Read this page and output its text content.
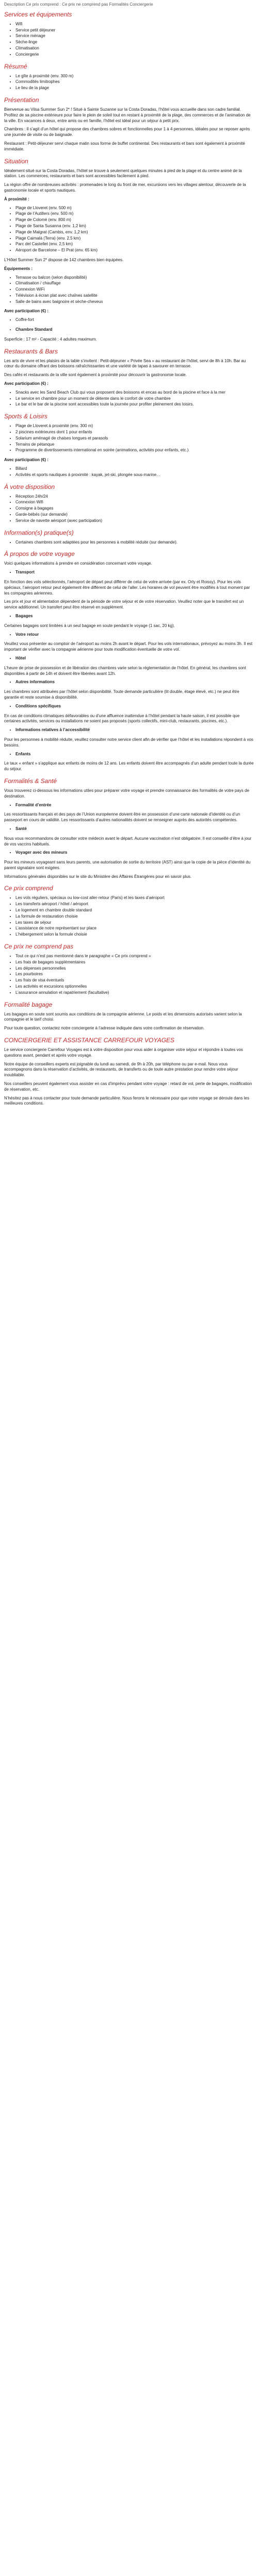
Description Ce prix comprend : Ce prix ne comprend pas Formalités Conciergerie

Services et équipements
• Wifi
• Service petit déjeuner
• Service ménage
• Sèche-linge
• Climatisation
• Conciergerie
Résumé
• Le gîte à proximité (env. 300 m)
• Commodités limitrophes
• Le lieu de la plage
Présentation

Bienvenue au Vilsa Summer Sun 2* ! Situé à Sainte Suzanne sur la Costa Doradas, l’hôtel vous accueille dans son cadre familial. Profitez de sa piscine extérieure pour faire le plein de soleil tout en restant à proximité de la plage, des commerces et de l’animation de la ville. En vacances à deux, entre amis ou en famille, l’hôtel est idéal pour un séjour à petit prix.

Chambres : Il s’agit d’un hôtel qui propose des chambres sobres et fonctionnelles pour 1 à 4 personnes, idéales pour se reposer après une journée de visite ou de baignade.

Restaurant : Petit-déjeuner servi chaque matin sous forme de buffet continental. Des restaurants et bars sont également à proximité immédiate.

Situation

Idéalement situé sur la Costa Doradas, l’hôtel se trouve à seulement quelques minutes à pied de la plage et du centre animé de la station. Les commerces, restaurants et bars sont accessibles facilement à pied.

La région offre de nombreuses activités : promenades le long du front de mer, excursions vers les villages alentour, découverte de la gastronomie locale et sports nautiques.

À proximité :

• Plage de Lloveret (env. 500 m)
• Plage de l’Autillers (env. 500 m)
• Plage de Colomè (env. 800 m)
• Plage de Santa Susanna (env. 1,2 km)
• Plage de Malgrat (Cambis, env. 1,2 km)
• Plage Caimalà (Terra) (env. 2,5 km)
• Parc del Castellet (env. 2,5 km)
• Aéroport de Barcelone – El Prat (env. 65 km)

L’Hôtel Summer Sun 2* dispose de 142 chambres bien équipées.

Équipements :

• Terrasse ou balcon (selon disponibilité)
• Climatisation / chauffage
• Connexion WiFi
• Télévision à écran plat avec chaînes satellite
• Salle de bains avec baignoire et sèche-cheveux

Avec participation (€) :

• Coffre-fort
• Chambre Standard

Superficie : 17 m² - Capacité : 4 adultes maximum.

Restaurants & Bars

Les arts de vivre et les plaisirs de la table s’invitent : Petit-déjeuner « Privée Sea » au restaurant de l’hôtel, servi de 8h à 10h. Bar au cœur du domaine offrant des boissons rafraîchissantes et une variété de tapas à savourer en terrasse.

Des cafés et restaurants de la ville sont également à proximité pour découvrir la gastronomie locale.

Avec participation (€) :

• Snacks avec les Sand Beach Club qui vous proposent des boissons et encas au bord de la piscine et face à la mer
• Le service en chambre pour un moment de détente dans le confort de votre chambre
• Le bar et le bar de la piscine sont accessibles toute la journée pour profiter pleinement des loisirs.
Sports & Loisirs
• Plage de Lloveret à proximité (env. 300 m)
• 2 piscines extérieures dont 1 pour enfants
• Solarium aménagé de chaises longues et parasols
• Terrains de pétanque
• Programme de divertissements international en soirée (animations, activités pour enfants, etc.)

Avec participation (€) :

• Billard
• Activités et sports nautiques à proximité : kayak, jet-ski, plongée sous-marine…
À votre disposition
• Réception 24h/24
• Connexion Wifi
• Consigne à bagages
• Garde-bébés (sur demande)
• Service de navette aéroport (avec participation)
Information(s) pratique(s)
• Certaines chambres sont adaptées pour les personnes à mobilité réduite (sur demande).
À propos de votre voyage

Voici quelques informations à prendre en considération concernant votre voyage.

• Transport

En fonction des vols sélectionnés, l’aéroport de départ peut différer de celui de votre arrivée (par ex. Orly et Roissy). Pour les vols spéciaux, l’aéroport retour peut également être différent de celui de l’aller. Les horaires de vol peuvent être modifiés à tout moment par les compagnies aériennes.

Les prix et jour et alimentation dépendent de la période de votre séjour et de votre réservation. Veuillez noter que le transfert est un service additionnel. Un transfert peut être réservé en supplément.

• Bagages

Certaines bagages sont limitées à un seul bagage en soute pendant le voyage (1 sac, 20 kg).

• Votre retour

Veuillez vous présenter au comptoir de l’aéroport au moins 2h avant le départ. Pour les vols internationaux, prévoyez au moins 3h. Il est important de vérifier avec la compagnie aérienne pour toute modification éventuelle de votre vol.

• Hôtel

L’heure de prise de possession et de libération des chambres varie selon la réglementation de l’hôtel. En général, les chambres sont disponibles à partir de 14h et doivent être libérées avant 12h.

• Autres informations

Les chambres sont attribuées par l’hôtel selon disponibilité. Toute demande particulière (lit double, étage élevé, etc.) ne peut être garantie et reste soumise à disponibilité.

• Conditions spécifiques

En cas de conditions climatiques défavorables ou d’une affluence inattendue à l’hôtel pendant la haute saison, il est possible que certaines activités, services ou installations ne soient pas proposés (sports collectifs, mini-club, restaurants, piscines, etc.).

• Informations relatives à l’accessibilité

Pour les personnes à mobilité réduite, veuillez consulter notre service client afin de vérifier que l’hôtel et les installations répondent à vos besoins.

• Enfants

Le taux « enfant » s’applique aux enfants de moins de 12 ans. Les enfants doivent être accompagnés d’un adulte pendant toute la durée du séjour.

Formalités & Santé

Vous trouverez ci-dessous les informations utiles pour préparer votre voyage et prendre connaissance des formalités de votre pays de destination.

• Formalité d’entrée

Les ressortissants français et des pays de l’Union européenne doivent être en possession d’une carte nationale d’identité ou d’un passeport en cours de validité. Les ressortissants d’autres nationalités doivent se renseigner auprès des autorités compétentes.

• Santé

Nous vous recommandons de consulter votre médecin avant le départ. Aucune vaccination n’est obligatoire. Il est conseillé d’être à jour de vos vaccins habituels.

• Voyager avec des mineurs

Pour les mineurs voyageant sans leurs parents, une autorisation de sortie du territoire (AST) ainsi que la copie de la pièce d’identité du parent signataire sont exigées.

Informations générales disponibles sur le site du Ministère des Affaires Étrangères pour en savoir plus.

Ce prix comprend
• Les vols réguliers, spéciaux ou low-cost aller-retour (Paris) et les taxes d’aéroport
• Les transferts aéroport / hôtel / aéroport
• Le logement en chambre double standard
• La formule de restauration choisie
• Les taxes de séjour
• L’assistance de notre représentant sur place
• L’hébergement selon la formule choisie
Ce prix ne comprend pas
• Tout ce qui n’est pas mentionné dans le paragraphe « Ce prix comprend »
• Les frais de bagages supplémentaires
• Les dépenses personnelles
• Les pourboires
• Les frais de visa éventuels
• Les activités et excursions optionnelles
• L’assurance annulation et rapatriement (facultative)
Formalité bagage

Les bagages en soute sont soumis aux conditions de la compagnie aérienne. Le poids et les dimensions autorisés varient selon la compagnie et le tarif choisi.

Pour toute question, contactez notre conciergerie à l’adresse indiquée dans votre confirmation de réservation.

CONCIERGERIE ET ASSISTANCE CARREFOUR VOYAGES

Le service conciergerie Carrefour Voyages est à votre disposition pour vous aider à organiser votre séjour et répondre à toutes vos questions avant, pendant et après votre voyage.

Notre équipe de conseillers experts est joignable du lundi au samedi, de 9h à 20h, par téléphone ou par e-mail. Nous vous accompagnons dans la réservation d’activités, de restaurants, de transferts ou de toute autre prestation pour rendre votre séjour inoubliable.

Nos conseillers peuvent également vous assister en cas d’imprévu pendant votre voyage : retard de vol, perte de bagages, modification de réservation, etc.

N’hésitez pas à nous contacter pour toute demande particulière. Nous ferons le nécessaire pour que votre voyage se déroule dans les meilleures conditions.
